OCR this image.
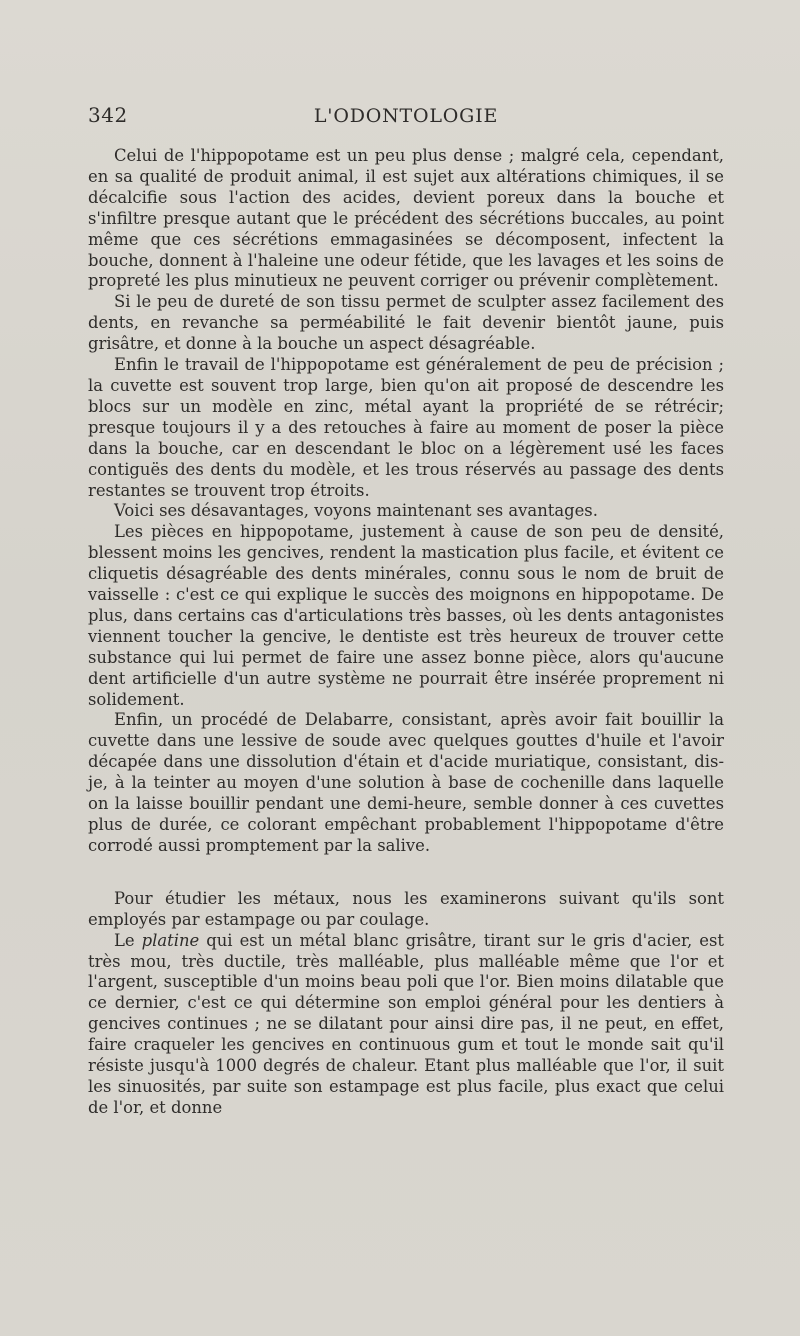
342	L'ODONTOLOGIE

Celui de l'hippopotame est un peu plus dense ; malgré cela, cependant, en sa qualité de produit animal, il est sujet aux altérations chimiques, il se décalcifie sous l'action des acides, devient poreux dans la bouche et s'infiltre presque autant que le précédent des sécrétions buccales, au point même que ces sécrétions emmagasinées se décomposent, infectent la bouche, donnent à l'haleine une odeur fétide, que les lavages et les soins de propreté les plus minutieux ne peuvent corriger ou prévenir complètement.

Si le peu de dureté de son tissu permet de sculpter assez facilement des dents, en revanche sa perméabilité le fait devenir bientôt jaune, puis grisâtre, et donne à la bouche un aspect désagréable.

Enfin le travail de l'hippopotame est généralement de peu de précision ; la cuvette est souvent trop large, bien qu'on ait proposé de descendre les blocs sur un modèle en zinc, métal ayant la propriété de se rétrécir; presque toujours il y a des retouches à faire au moment de poser la pièce dans la bouche, car en descendant le bloc on a légèrement usé les faces contiguës des dents du modèle, et les trous réservés au passage des dents restantes se trouvent trop étroits.

Voici ses désavantages, voyons maintenant ses avantages.

Les pièces en hippopotame, justement à cause de son peu de densité, blessent moins les gencives, rendent la mastication plus facile, et évitent ce cliquetis désagréable des dents minérales, connu sous le nom de bruit de vaisselle : c'est ce qui explique le succès des moignons en hippopotame. De plus, dans certains cas d'articulations très basses, où les dents antagonistes viennent toucher la gencive, le dentiste est très heureux de trouver cette substance qui lui permet de faire une assez bonne pièce, alors qu'aucune dent artificielle d'un autre système ne pourrait être insérée proprement ni solidement.

Enfin, un procédé de Delabarre, consistant, après avoir fait bouillir la cuvette dans une lessive de soude avec quelques gouttes d'huile et l'avoir décapée dans une dissolution d'étain et d'acide muriatique, consistant, dis-je, à la teinter au moyen d'une solution à base de cochenille dans laquelle on la laisse bouillir pendant une demi-heure, semble donner à ces cuvettes plus de durée, ce colorant empêchant probablement l'hippopotame d'être corrodé aussi promptement par la salive.

Pour étudier les métaux, nous les examinerons suivant qu'ils sont employés par estampage ou par coulage.

Le platine qui est un métal blanc grisâtre, tirant sur le gris d'acier, est très mou, très ductile, très malléable, plus malléable même que l'or et l'argent, susceptible d'un moins beau poli que l'or. Bien moins dilatable que ce dernier, c'est ce qui détermine son emploi général pour les dentiers à gencives continues ; ne se dilatant pour ainsi dire pas, il ne peut, en effet, faire craqueler les gencives en continuous gum et tout le monde sait qu'il résiste jusqu'à 1000 degrés de chaleur. Etant plus malléable que l'or, il suit les sinuosités, par suite son estampage est plus facile, plus exact que celui de l'or, et donne
